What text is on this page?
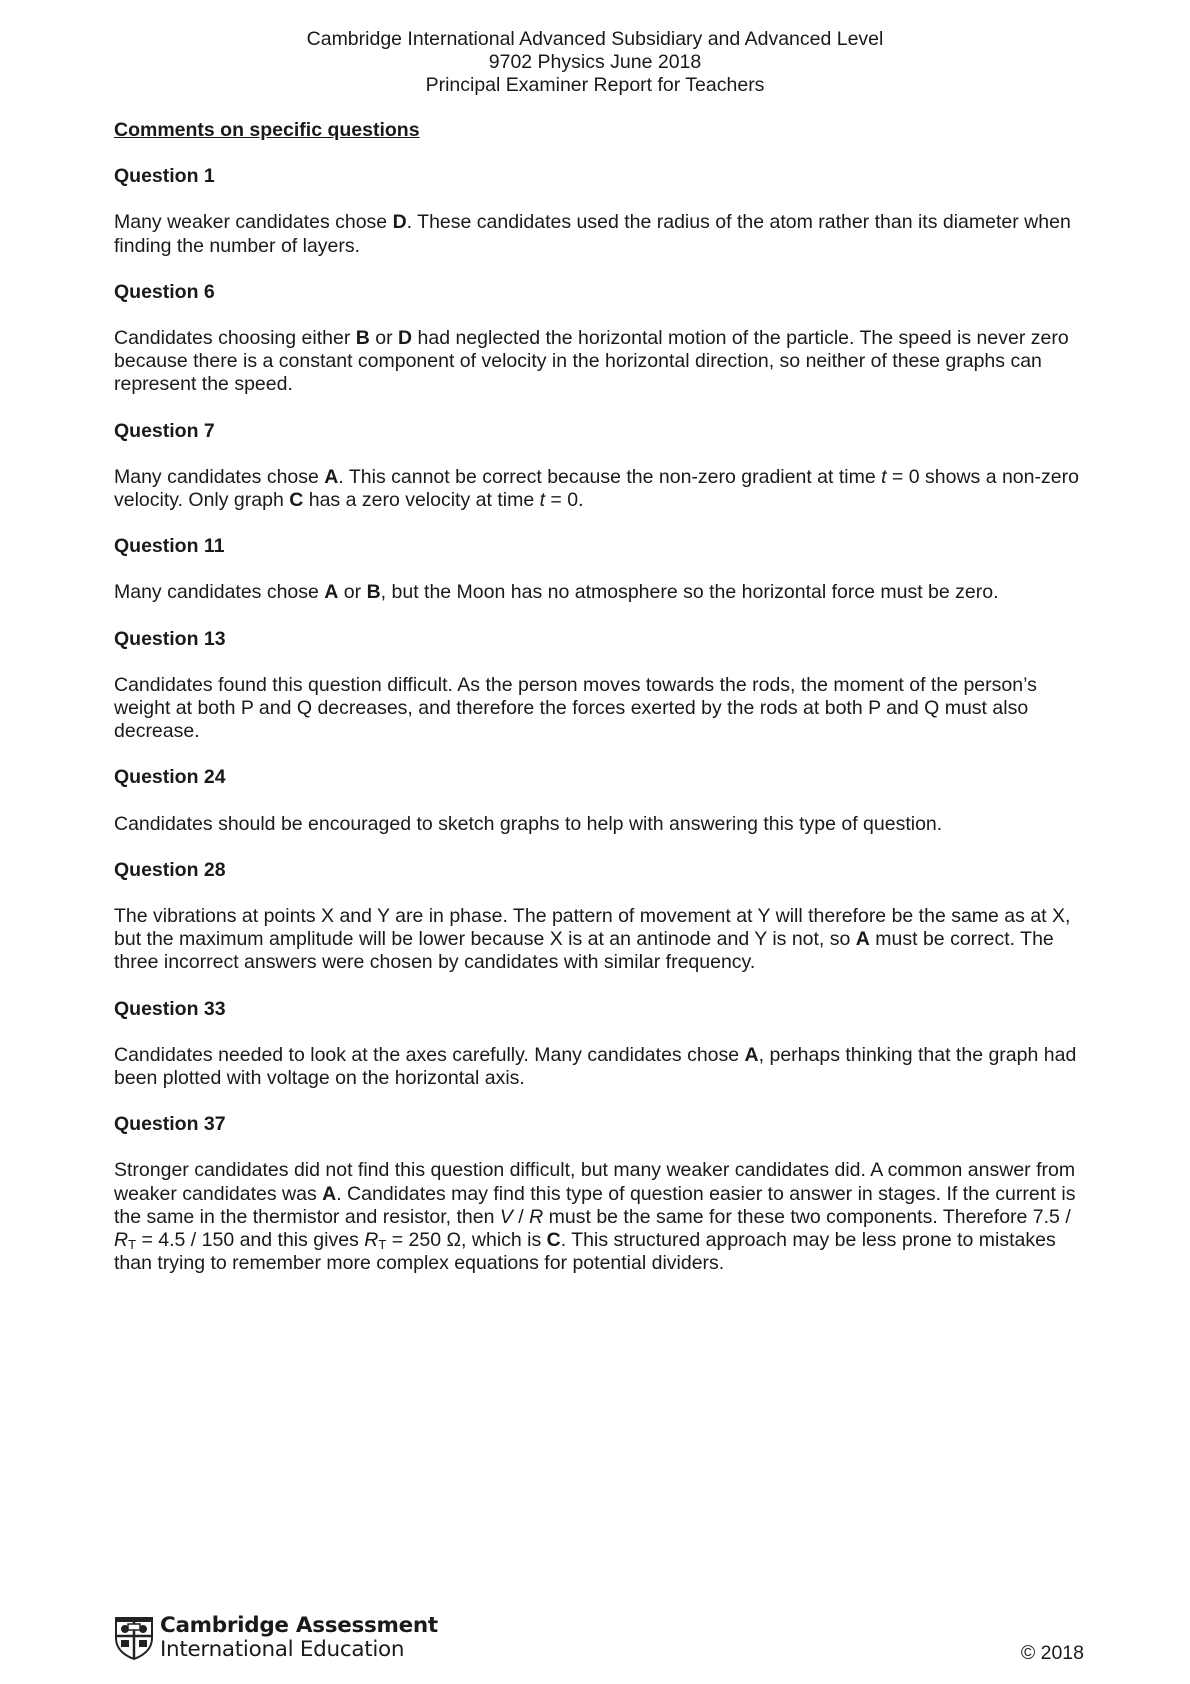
Cambridge International Advanced Subsidiary and Advanced Level
9702 Physics June 2018
Principal Examiner Report for Teachers
Comments on specific questions
Question 1
Many weaker candidates chose D. These candidates used the radius of the atom rather than its diameter when finding the number of layers.
Question 6
Candidates choosing either B or D had neglected the horizontal motion of the particle. The speed is never zero because there is a constant component of velocity in the horizontal direction, so neither of these graphs can represent the speed.
Question 7
Many candidates chose A. This cannot be correct because the non-zero gradient at time t = 0 shows a non-zero velocity. Only graph C has a zero velocity at time t = 0.
Question 11
Many candidates chose A or B, but the Moon has no atmosphere so the horizontal force must be zero.
Question 13
Candidates found this question difficult. As the person moves towards the rods, the moment of the person’s weight at both P and Q decreases, and therefore the forces exerted by the rods at both P and Q must also decrease.
Question 24
Candidates should be encouraged to sketch graphs to help with answering this type of question.
Question 28
The vibrations at points X and Y are in phase. The pattern of movement at Y will therefore be the same as at X, but the maximum amplitude will be lower because X is at an antinode and Y is not, so A must be correct. The three incorrect answers were chosen by candidates with similar frequency.
Question 33
Candidates needed to look at the axes carefully. Many candidates chose A, perhaps thinking that the graph had been plotted with voltage on the horizontal axis.
Question 37
Stronger candidates did not find this question difficult, but many weaker candidates did. A common answer from weaker candidates was A. Candidates may find this type of question easier to answer in stages. If the current is the same in the thermistor and resistor, then V / R must be the same for these two components. Therefore $7.5 / R_T = 4.5 / 150$ and this gives $R_T = 250$ Ω, which is C. This structured approach may be less prone to mistakes than trying to remember more complex equations for potential dividers.
Cambridge Assessment
International Education	© 2018
